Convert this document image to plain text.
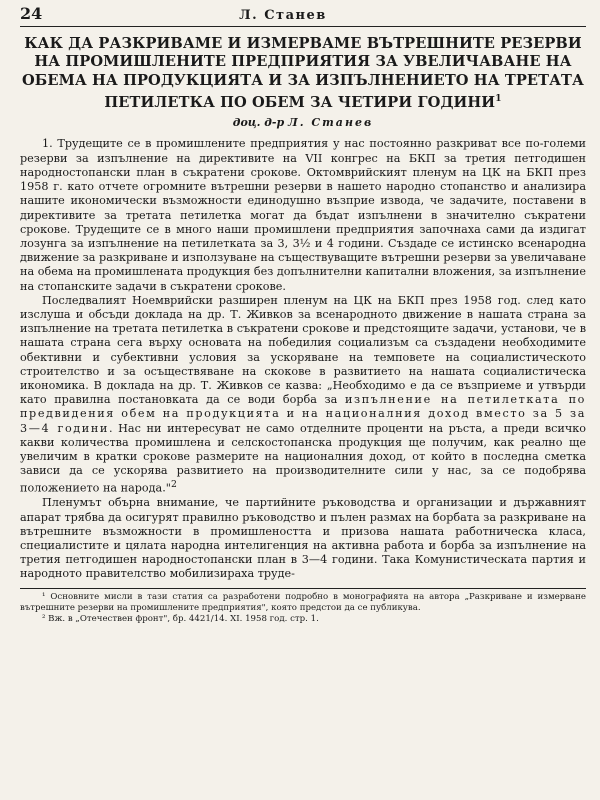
24	Л. Станев
КАК ДА РАЗКРИВАМЕ И ИЗМЕРВАМЕ ВЪТРЕШНИТЕ РЕЗЕРВИ НА ПРОМИШЛЕНИТЕ ПРЕДПРИЯТИЯ ЗА УВЕЛИЧАВАНЕ НА ОБЕМА НА ПРОДУКЦИЯТА И ЗА ИЗПЪЛНЕНИЕТО НА ТРЕТАТА ПЕТИЛЕТКА ПО ОБЕМ ЗА ЧЕТИРИ ГОДИНИ$^1$
доц. д-р Л. Станев

1. Трудещите се в промишлените предприятия у нас постоянно разкриват все по-големи резерви за изпълнение на директивите на VII конгрес на БКП за третия петгодишен народностопански план в съкратени срокове. Октомврийският пленум на ЦК на БКП през 1958 г. като отчете огромните вътрешни резерви в нашето народно стопанство и анализира нашите икономически възможности единодушно възприе извода, че задачите, поставени в директивите за третата петилетка могат да бъдат изпълнени в значително съкратени срокове. Трудещите се в много наши промишлени предприятия започнаха сами да издигат лозунга за изпълнение на петилетката за 3, 3½ и 4 години. Създаде се истинско всенародна движение за разкриване и използуване на съществуващите вътрешни резерви за увеличаване на обема на промишлената продукция без допълнителни капитални вложения, за изпълнение на стопанските задачи в съкратени срокове.

Последвалият Ноемврийски разширен пленум на ЦК на БКП през 1958 год. след като изслуша и обсъди доклада на др. Т. Живков за всенародното движение в нашата страна за изпълнение на третата петилетка в съкратени срокове и предстоящите задачи, установи, че в нашата страна сега върху основата на победилия социализъм са създадени необходимите обективни и субективни условия за ускоряване на темповете на социалистическото строителство и за осъществяване на скокове в развитието на нашата социалистическа икономика. В доклада на др. Т. Живков се казва: „Необходимо е да се възприеме и утвърди като правилна постановката да се води борба за изпълнение на петилетката по предвидения обем на продукцията и на националния доход вместо за 5 за 3—4 години. Нас ни интересуват не само отделните проценти на ръста, а преди всичко какви количества промишлена и селскостопанска продукция ще получим, как реално ще увеличим в кратки срокове размерите на националния доход, от който в последна сметка зависи да се ускорява развитието на производителните сили у нас, за се подобрява положението на народа."$^2$

Пленумът обърна внимание, че партийните ръководства и организации и държавният апарат трябва да осигурят правилно ръководство и пълен размах на борбата за разкриване на вътрешните възможности в промишлеността и призова нашата работническа класа, специалистите и цялата народна интелигенция на активна работа и борба за изпълнение на третия петгодишен народностопански план в 3—4 години. Така Комунистическата партия и народното правителство мобилизираха труде-

¹ Основните мисли в тази статия са разработени подробно в монографията на автора „Разкриване и измерване вътрешните резерви на промишлените предприятия", която предстои да се публикува.

² Вж. в „Отечествен фронт", бр. 4421/14. XI. 1958 год. стр. 1.
